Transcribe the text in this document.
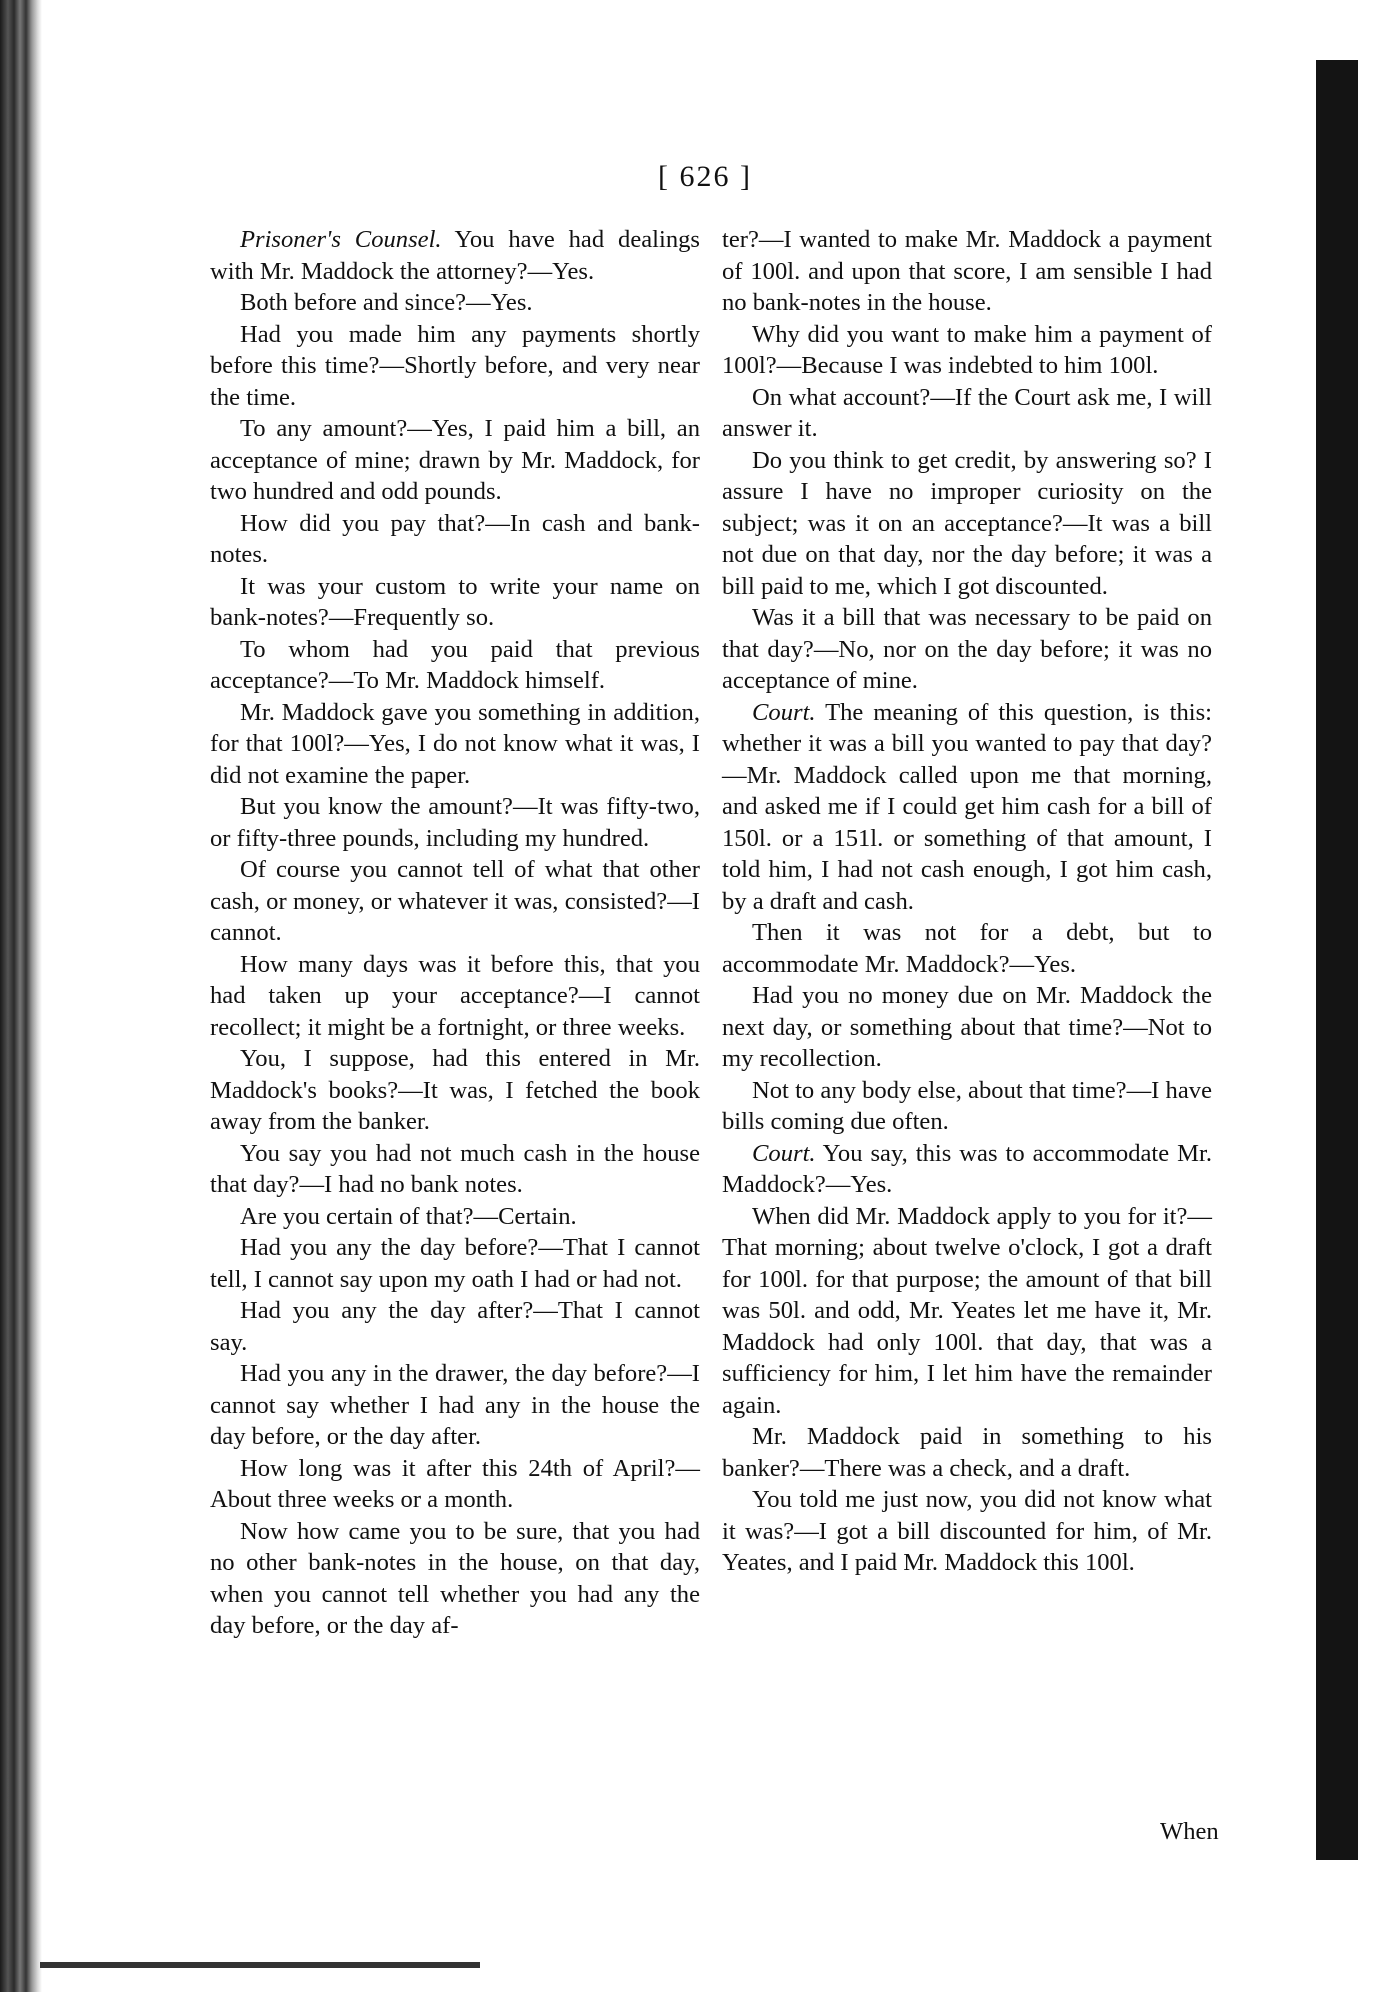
[ 626 ]

Prisoner's Counsel. You have had dealings with Mr. Maddock the attorney?—Yes.

Both before and since?—Yes.

Had you made him any payments shortly before this time?—Shortly before, and very near the time.

To any amount?—Yes, I paid him a bill, an acceptance of mine; drawn by Mr. Maddock, for two hundred and odd pounds.

How did you pay that?—In cash and bank-notes.

It was your custom to write your name on bank-notes?—Frequently so.

To whom had you paid that previous acceptance?—To Mr. Maddock himself.

Mr. Maddock gave you something in addition, for that 100l?—Yes, I do not know what it was, I did not examine the paper.

But you know the amount?—It was fifty-two, or fifty-three pounds, including my hundred.

Of course you cannot tell of what that other cash, or money, or whatever it was, consisted?—I cannot.

How many days was it before this, that you had taken up your acceptance?—I cannot recollect; it might be a fortnight, or three weeks.

You, I suppose, had this entered in Mr. Maddock's books?—It was, I fetched the book away from the banker.

You say you had not much cash in the house that day?—I had no bank notes.

Are you certain of that?—Certain.

Had you any the day before?—That I cannot tell, I cannot say upon my oath I had or had not.

Had you any the day after?—That I cannot say.

Had you any in the drawer, the day before?—I cannot say whether I had any in the house the day before, or the day after.

How long was it after this 24th of April?—About three weeks or a month.

Now how came you to be sure, that you had no other bank-notes in the house, on that day, when you cannot tell whether you had any the day before, or the day af-

ter?—I wanted to make Mr. Maddock a payment of 100l. and upon that score, I am sensible I had no bank-notes in the house.

Why did you want to make him a payment of 100l?—Because I was indebted to him 100l.

On what account?—If the Court ask me, I will answer it.

Do you think to get credit, by answering so? I assure I have no improper curiosity on the subject; was it on an acceptance?—It was a bill not due on that day, nor the day before; it was a bill paid to me, which I got discounted.

Was it a bill that was necessary to be paid on that day?—No, nor on the day before; it was no acceptance of mine.

Court. The meaning of this question, is this: whether it was a bill you wanted to pay that day?—Mr. Maddock called upon me that morning, and asked me if I could get him cash for a bill of 150l. or a 151l. or something of that amount, I told him, I had not cash enough, I got him cash, by a draft and cash.

Then it was not for a debt, but to accommodate Mr. Maddock?—Yes.

Had you no money due on Mr. Maddock the next day, or something about that time?—Not to my recollection.

Not to any body else, about that time?—I have bills coming due often.

Court. You say, this was to accommodate Mr. Maddock?—Yes.

When did Mr. Maddock apply to you for it?—That morning; about twelve o'clock, I got a draft for 100l. for that purpose; the amount of that bill was 50l. and odd, Mr. Yeates let me have it, Mr. Maddock had only 100l. that day, that was a sufficiency for him, I let him have the remainder again.

Mr. Maddock paid in something to his banker?—There was a check, and a draft.

You told me just now, you did not know what it was?—I got a bill discounted for him, of Mr. Yeates, and I paid Mr. Maddock this 100l.

When
